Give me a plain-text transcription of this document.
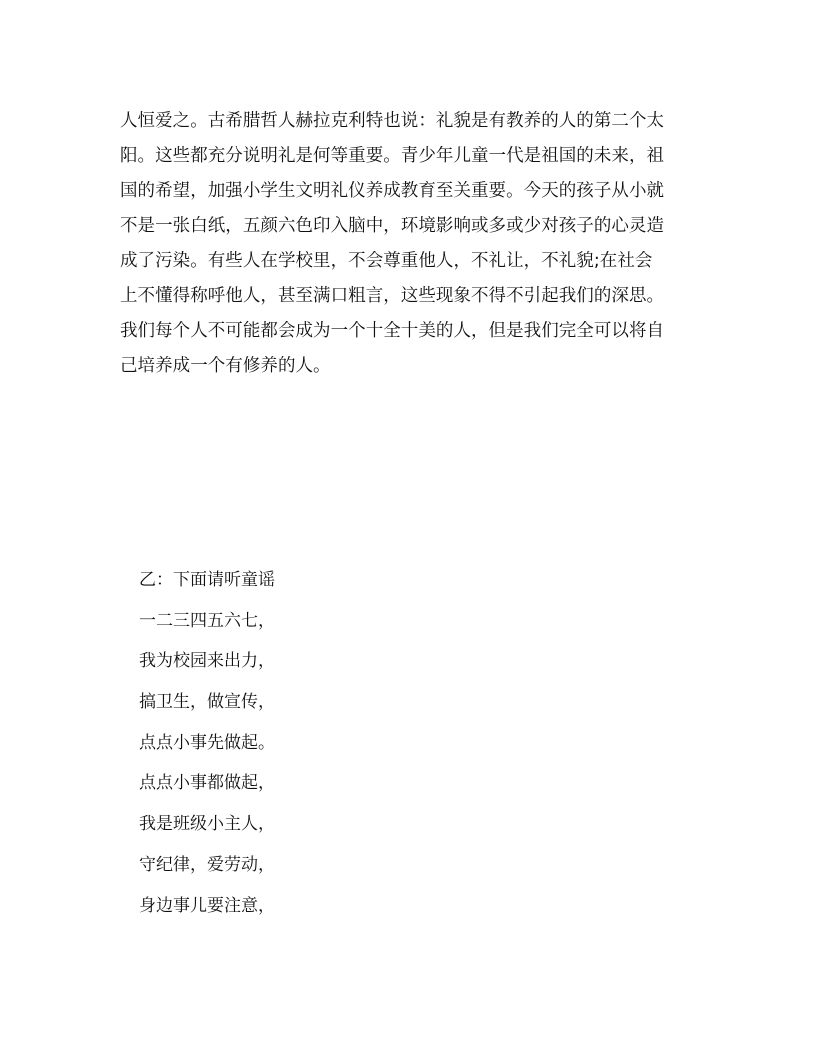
人恒爱之。古希腊哲人赫拉克利特也说：礼貌是有教养的人的第二个太
阳。这些都充分说明礼是何等重要。青少年儿童一代是祖国的未来，祖
国的希望，加强小学生文明礼仪养成教育至关重要。今天的孩子从小就
不是一张白纸，五颜六色印入脑中，环境影响或多或少对孩子的心灵造
成了污染。有些人在学校里，不会尊重他人，不礼让，不礼貌;在社会
上不懂得称呼他人，甚至满口粗言，这些现象不得不引起我们的深思。
我们每个人不可能都会成为一个十全十美的人，但是我们完全可以将自
己培养成一个有修养的人。
乙：下面请听童谣
一二三四五六七，
我为校园来出力，
搞卫生，做宣传，
点点小事先做起。
点点小事都做起，
我是班级小主人，
守纪律，爱劳动，
身边事儿要注意，
